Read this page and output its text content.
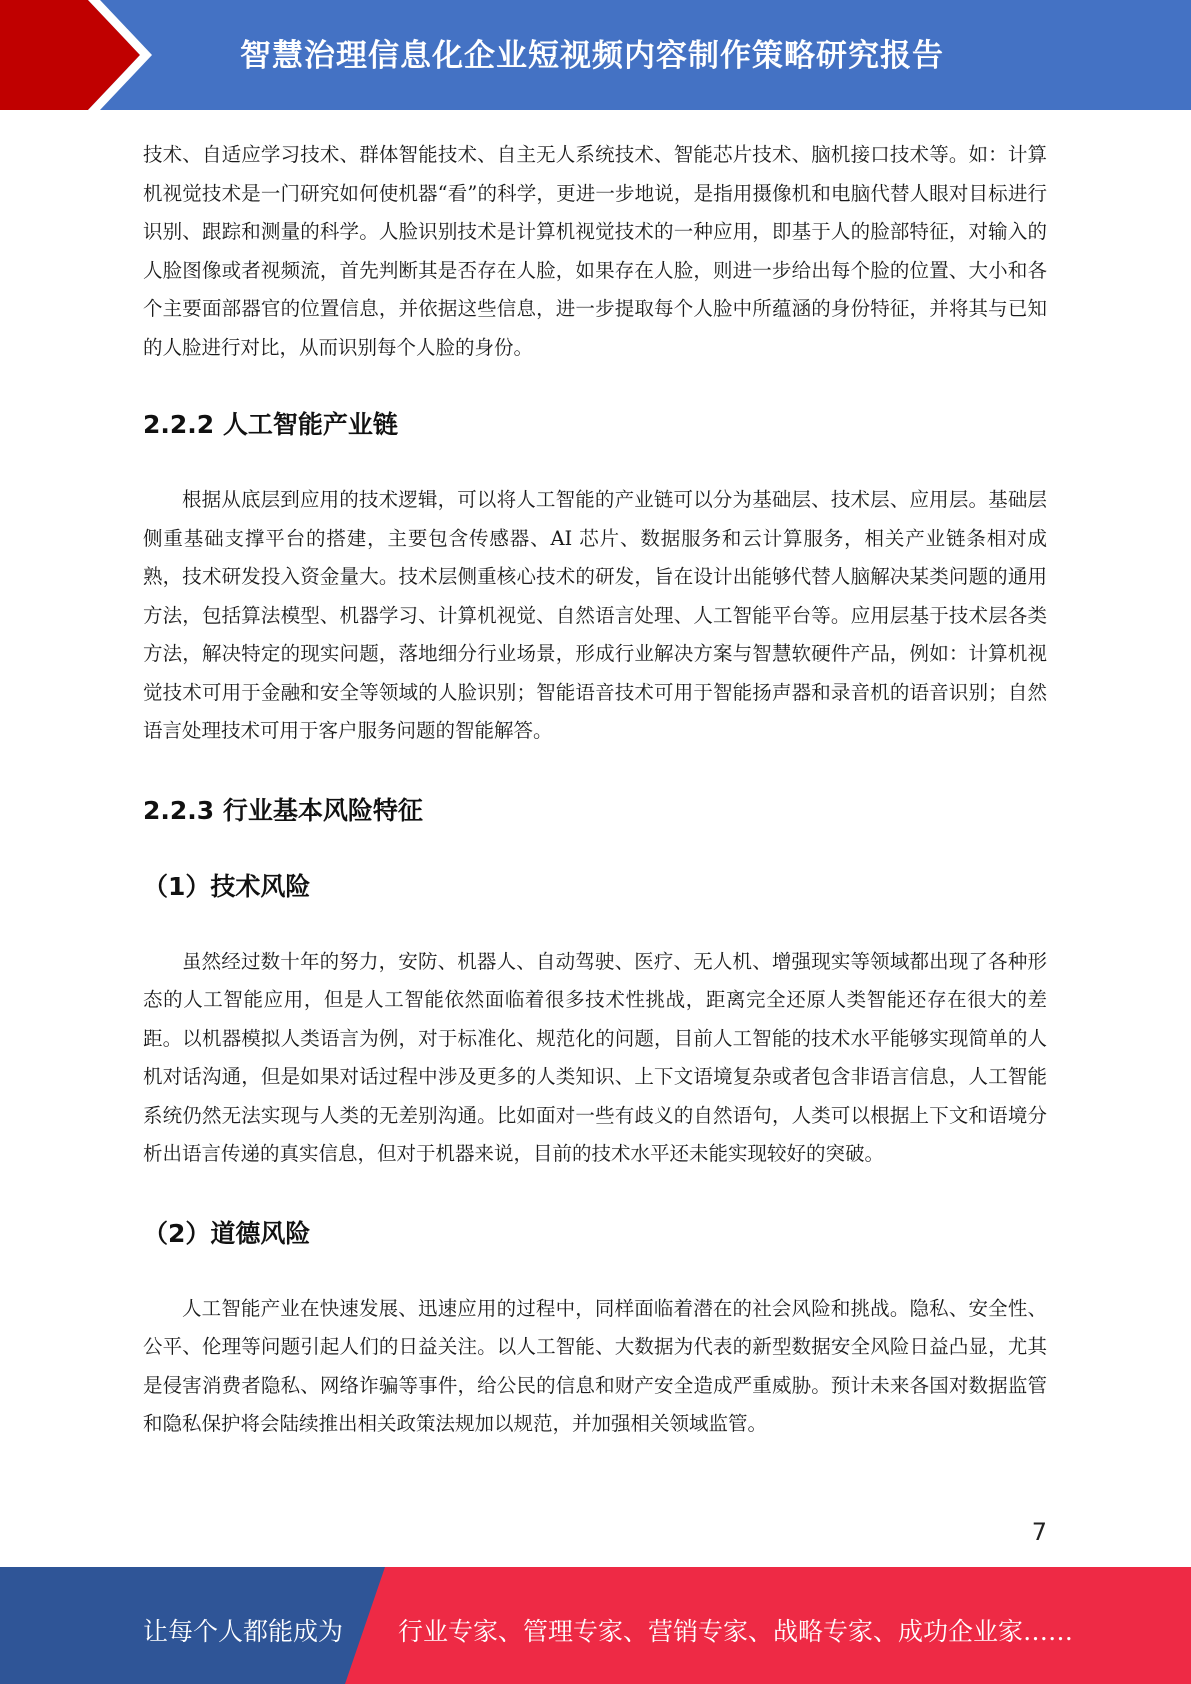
智慧治理信息化企业短视频内容制作策略研究报告

技术、自适应学习技术、群体智能技术、自主无人系统技术、智能芯片技术、脑机接口技术等。如：计算机视觉技术是一门研究如何使机器“看”的科学，更进一步地说，是指用摄像机和电脑代替人眼对目标进行识别、跟踪和测量的科学。人脸识别技术是计算机视觉技术的一种应用，即基于人的脸部特征，对输入的人脸图像或者视频流，首先判断其是否存在人脸，如果存在人脸，则进一步给出每个脸的位置、大小和各个主要面部器官的位置信息，并依据这些信息，进一步提取每个人脸中所蕴涵的身份特征，并将其与已知的人脸进行对比，从而识别每个人脸的身份。

2.2.2 人工智能产业链

根据从底层到应用的技术逻辑，可以将人工智能的产业链可以分为基础层、技术层、应用层。基础层侧重基础支撑平台的搭建，主要包含传感器、AI 芯片、数据服务和云计算服务，相关产业链条相对成熟，技术研发投入资金量大。技术层侧重核心技术的研发，旨在设计出能够代替人脑解决某类问题的通用方法，包括算法模型、机器学习、计算机视觉、自然语言处理、人工智能平台等。应用层基于技术层各类方法，解决特定的现实问题，落地细分行业场景，形成行业解决方案与智慧软硬件产品，例如：计算机视觉技术可用于金融和安全等领域的人脸识别；智能语音技术可用于智能扬声器和录音机的语音识别；自然语言处理技术可用于客户服务问题的智能解答。

2.2.3 行业基本风险特征
（1）技术风险

虽然经过数十年的努力，安防、机器人、自动驾驶、医疗、无人机、增强现实等领域都出现了各种形态的人工智能应用，但是人工智能依然面临着很多技术性挑战，距离完全还原人类智能还存在很大的差距。以机器模拟人类语言为例，对于标准化、规范化的问题，目前人工智能的技术水平能够实现简单的人机对话沟通，但是如果对话过程中涉及更多的人类知识、上下文语境复杂或者包含非语言信息，人工智能系统仍然无法实现与人类的无差别沟通。比如面对一些有歧义的自然语句，人类可以根据上下文和语境分析出语言传递的真实信息，但对于机器来说，目前的技术水平还未能实现较好的突破。

（2）道德风险

人工智能产业在快速发展、迅速应用的过程中，同样面临着潜在的社会风险和挑战。隐私、安全性、公平、伦理等问题引起人们的日益关注。以人工智能、大数据为代表的新型数据安全风险日益凸显，尤其是侵害消费者隐私、网络诈骗等事件，给公民的信息和财产安全造成严重威胁。预计未来各国对数据监管和隐私保护将会陆续推出相关政策法规加以规范，并加强相关领域监管。

7
让每个人都能成为 行业专家、管理专家、营销专家、战略专家、成功企业家……
